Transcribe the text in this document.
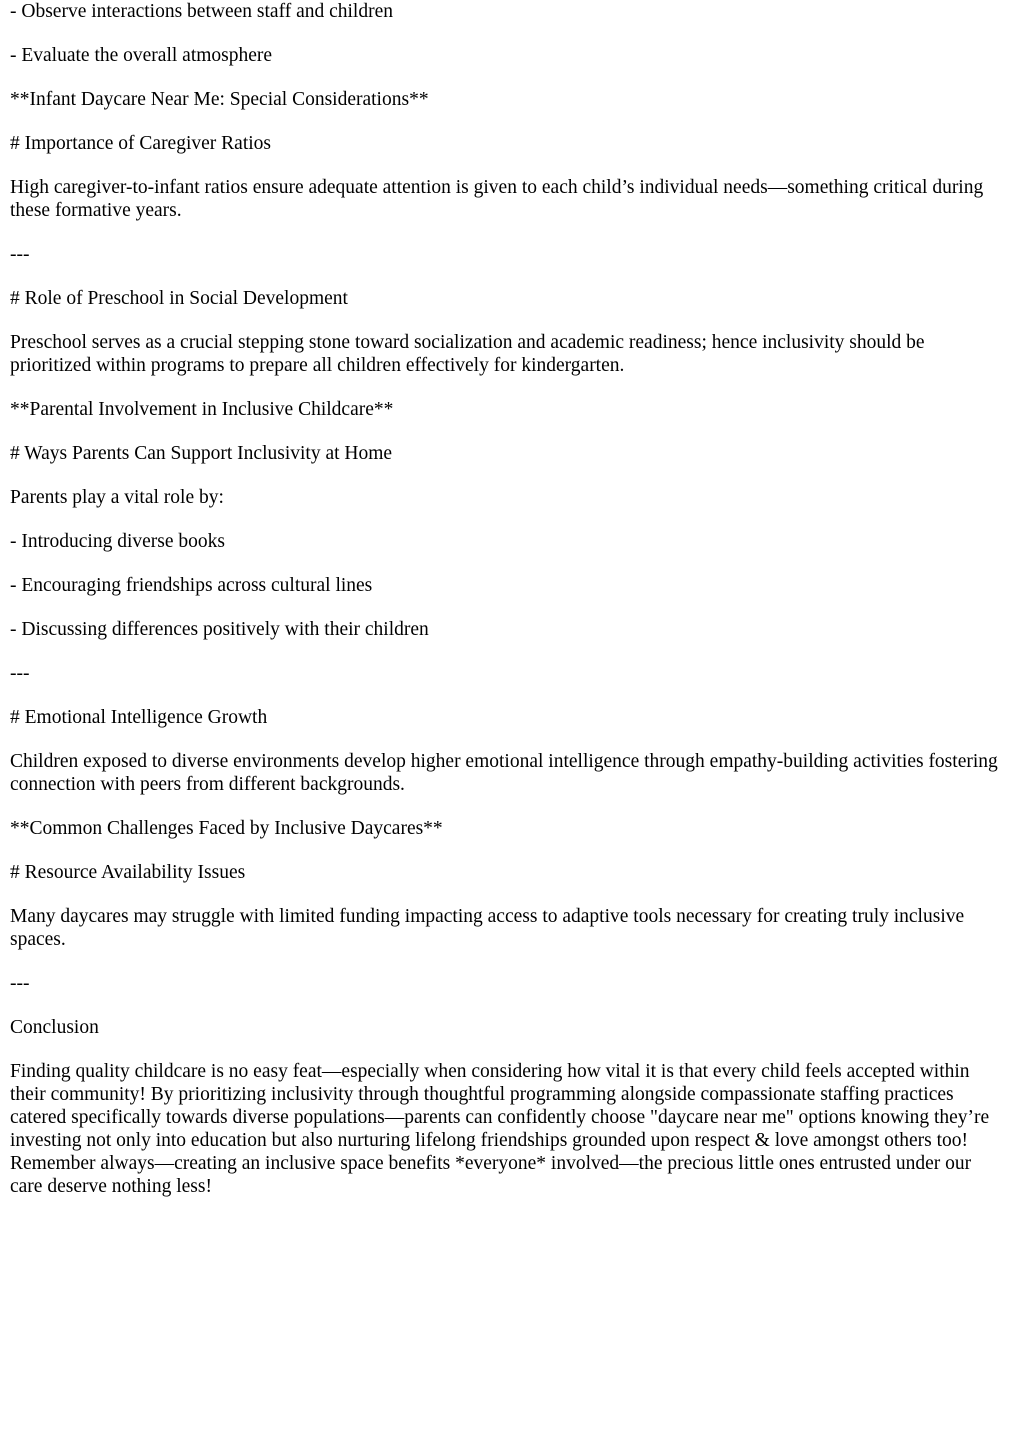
- Observe interactions between staff and children

- Evaluate the overall atmosphere

**Infant Daycare Near Me: Special Considerations**

# Importance of Caregiver Ratios

High caregiver-to-infant ratios ensure adequate attention is given to each child’s individual needs—something critical during these formative years.

---

# Role of Preschool in Social Development

Preschool serves as a crucial stepping stone toward socialization and academic readiness; hence inclusivity should be prioritized within programs to prepare all children effectively for kindergarten.

**Parental Involvement in Inclusive Childcare**

# Ways Parents Can Support Inclusivity at Home

Parents play a vital role by:

- Introducing diverse books

- Encouraging friendships across cultural lines

- Discussing differences positively with their children

---

# Emotional Intelligence Growth

Children exposed to diverse environments develop higher emotional intelligence through empathy-building activities fostering connection with peers from different backgrounds.

**Common Challenges Faced by Inclusive Daycares**

# Resource Availability Issues

Many daycares may struggle with limited funding impacting access to adaptive tools necessary for creating truly inclusive spaces.

---

Conclusion

Finding quality childcare is no easy feat—especially when considering how vital it is that every child feels accepted within their community! By prioritizing inclusivity through thoughtful programming alongside compassionate staffing practices catered specifically towards diverse populations—parents can confidently choose "daycare near me" options knowing they’re investing not only into education but also nurturing lifelong friendships grounded upon respect & love amongst others too! Remember always—creating an inclusive space benefits *everyone* involved—the precious little ones entrusted under our care deserve nothing less!
